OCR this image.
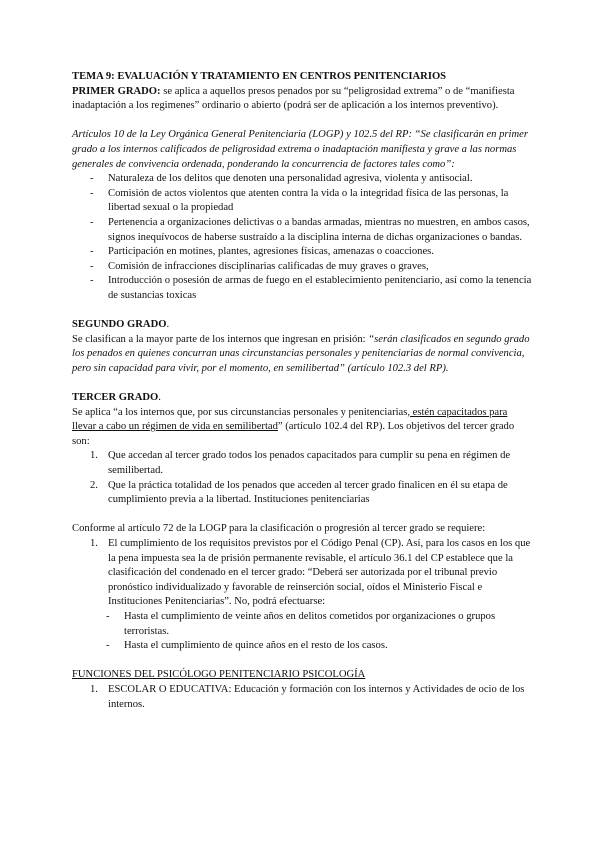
TEMA 9: EVALUACIÓN Y TRATAMIENTO EN CENTROS PENITENCIARIOS

PRIMER GRADO: se aplica a aquellos presos penados por su “peligrosidad extrema” o de “manifiesta inadaptación a los regimenes” ordinario o abierto (podrá ser de aplicación a los internos preventivo).

Artículos 10 de la Ley Orgánica General Penitenciaria (LOGP) y 102.5 del RP: “Se clasificarán en primer grado a los internos calificados de peligrosidad extrema o inadaptación manifiesta y grave a las normas generales de convivencia ordenada, ponderando la concurrencia de factores tales como”:

- Naturaleza de los delitos que denoten una personalidad agresiva, violenta y antisocial.
- Comisión de actos violentos que atenten contra la vida o la integridad física de las personas, la libertad sexual o la propiedad
- Pertenencia a organizaciones delictivas o a bandas armadas, mientras no muestren, en ambos casos, signos inequívocos de haberse sustraído a la disciplina interna de dichas organizaciones o bandas.
- Participación en motines, plantes, agresiones físicas, amenazas o coacciones.
- Comisión de infracciones disciplinarias calificadas de muy graves o graves,
- Introducción o posesión de armas de fuego en el establecimiento penitenciario, así como la tenencia de sustancias toxicas

SEGUNDO GRADO.

Se clasifican a la mayor parte de los internos que ingresan en prisión: “serán clasificados en segundo grado los penados en quienes concurran unas circunstancias personales y penitenciarias de normal convivencia, pero sin capacidad para vivir, por el momento, en semilibertad” (artículo 102.3 del RP).

TERCER GRADO.

Se aplica “a los internos que, por sus circunstancias personales y penitenciarias, estén capacitados para llevar a cabo un régimen de vida en semilibertad” (artículo 102.4 del RP). Los objetivos del tercer grado son:

1. Que accedan al tercer grado todos los penados capacitados para cumplir su pena en régimen de semilibertad.
2. Que la práctica totalidad de los penados que acceden al tercer grado finalicen en él su etapa de cumplimiento previa a la libertad. Instituciones penitenciarias

Conforme al artículo 72 de la LOGP para la clasificación o progresión al tercer grado se requiere:

1. El cumplimiento de los requisitos previstos por el Código Penal (CP). Así, para los casos en los que la pena impuesta sea la de prisión permanente revisable, el artículo 36.1 del CP establece que la clasificación del condenado en el tercer grado: “Deberá ser autorizada por el tribunal previo pronóstico individualizado y favorable de reinserción social, oídos el Ministerio Fiscal e Instituciones Penitenciarias”. No, podrá efectuarse:
- Hasta el cumplimiento de veinte años en delitos cometidos por organizaciones o grupos terroristas.
- Hasta el cumplimiento de quince años en el resto de los casos.

FUNCIONES DEL PSICÓLOGO PENITENCIARIO PSICOLOGÍA

1. ESCOLAR O EDUCATIVA: Educación y formación con los internos y Actividades de ocio de los internos.
